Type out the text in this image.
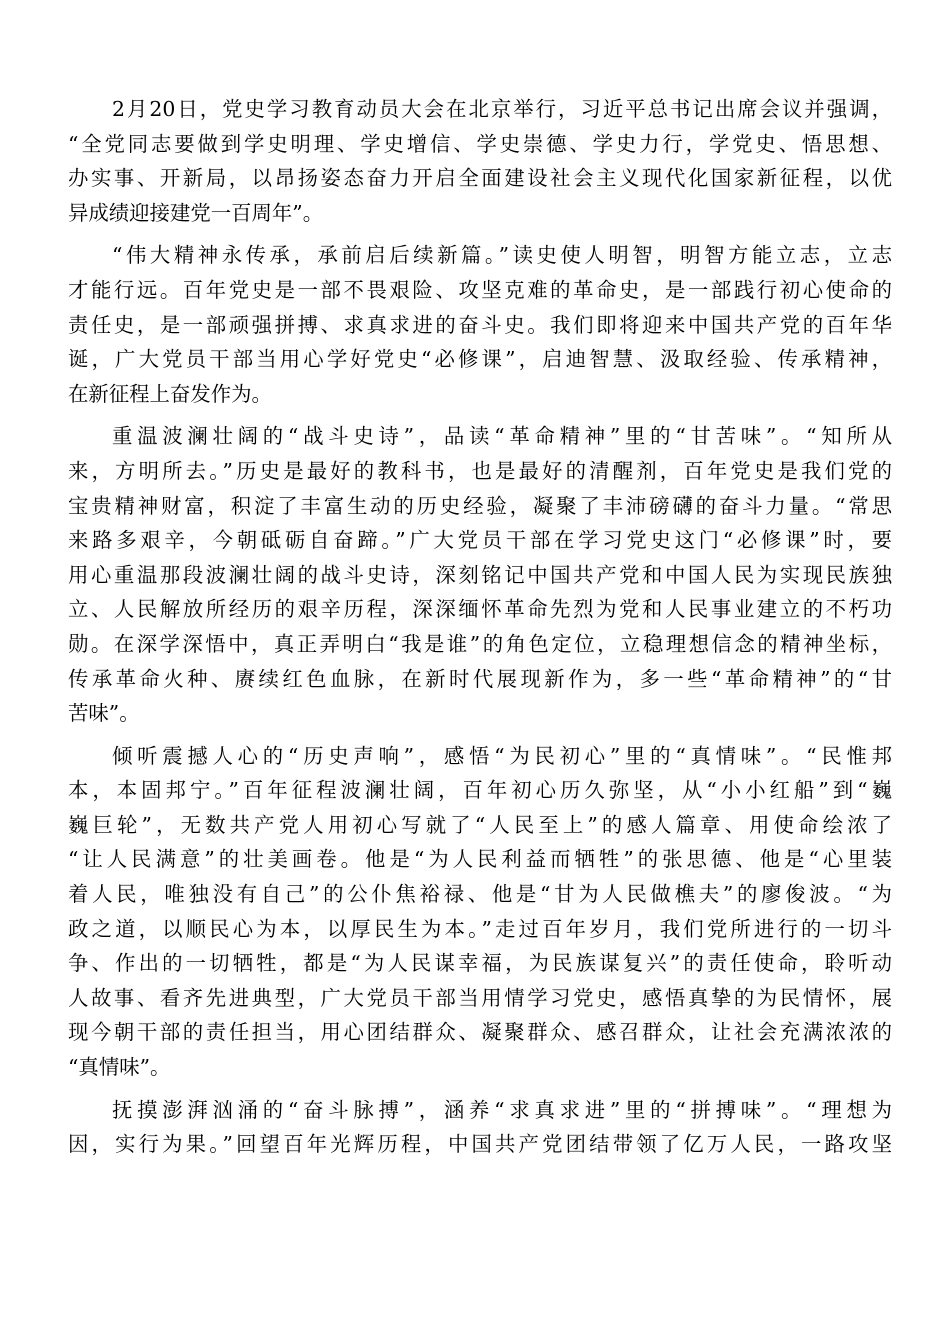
2月20日，党史学习教育动员大会在北京举行，习近平总书记出席会议并强调，
“全党同志要做到学史明理、学史增信、学史崇德、学史力行，学党史、悟思想、
办实事、开新局，以昂扬姿态奋力开启全面建设社会主义现代化国家新征程，以优
异成绩迎接建党一百周年”。

“伟大精神永传承，承前启后续新篇。”读史使人明智，明智方能立志，立志
才能行远。百年党史是一部不畏艰险、攻坚克难的革命史，是一部践行初心使命的
责任史，是一部顽强拼搏、求真求进的奋斗史。我们即将迎来中国共产党的百年华
诞，广大党员干部当用心学好党史“必修课”，启迪智慧、汲取经验、传承精神，
在新征程上奋发作为。

重温波澜壮阔的“战斗史诗”，品读“革命精神”里的“甘苦味”。“知所从
来，方明所去。”历史是最好的教科书，也是最好的清醒剂，百年党史是我们党的
宝贵精神财富，积淀了丰富生动的历史经验，凝聚了丰沛磅礴的奋斗力量。“常思
来路多艰辛，今朝砥砺自奋蹄。”广大党员干部在学习党史这门“必修课”时，要
用心重温那段波澜壮阔的战斗史诗，深刻铭记中国共产党和中国人民为实现民族独
立、人民解放所经历的艰辛历程，深深缅怀革命先烈为党和人民事业建立的不朽功
勋。在深学深悟中，真正弄明白“我是谁”的角色定位，立稳理想信念的精神坐标，
传承革命火种、赓续红色血脉，在新时代展现新作为，多一些“革命精神”的“甘
苦味”。

倾听震撼人心的“历史声响”，感悟“为民初心”里的“真情味”。“民惟邦
本，本固邦宁。”百年征程波澜壮阔，百年初心历久弥坚，从“小小红船”到“巍
巍巨轮”，无数共产党人用初心写就了“人民至上”的感人篇章、用使命绘浓了
“让人民满意”的壮美画卷。他是“为人民利益而牺牲”的张思德、他是“心里装
着人民，唯独没有自己”的公仆焦裕禄、他是“甘为人民做樵夫”的廖俊波。“为
政之道，以顺民心为本，以厚民生为本。”走过百年岁月，我们党所进行的一切斗
争、作出的一切牺牲，都是“为人民谋幸福，为民族谋复兴”的责任使命，聆听动
人故事、看齐先进典型，广大党员干部当用情学习党史，感悟真挚的为民情怀，展
现今朝干部的责任担当，用心团结群众、凝聚群众、感召群众，让社会充满浓浓的
“真情味”。

抚摸澎湃汹涌的“奋斗脉搏”，涵养“求真求进”里的“拼搏味”。“理想为
因，实行为果。”回望百年光辉历程，中国共产党团结带领了亿万人民，一路攻坚
